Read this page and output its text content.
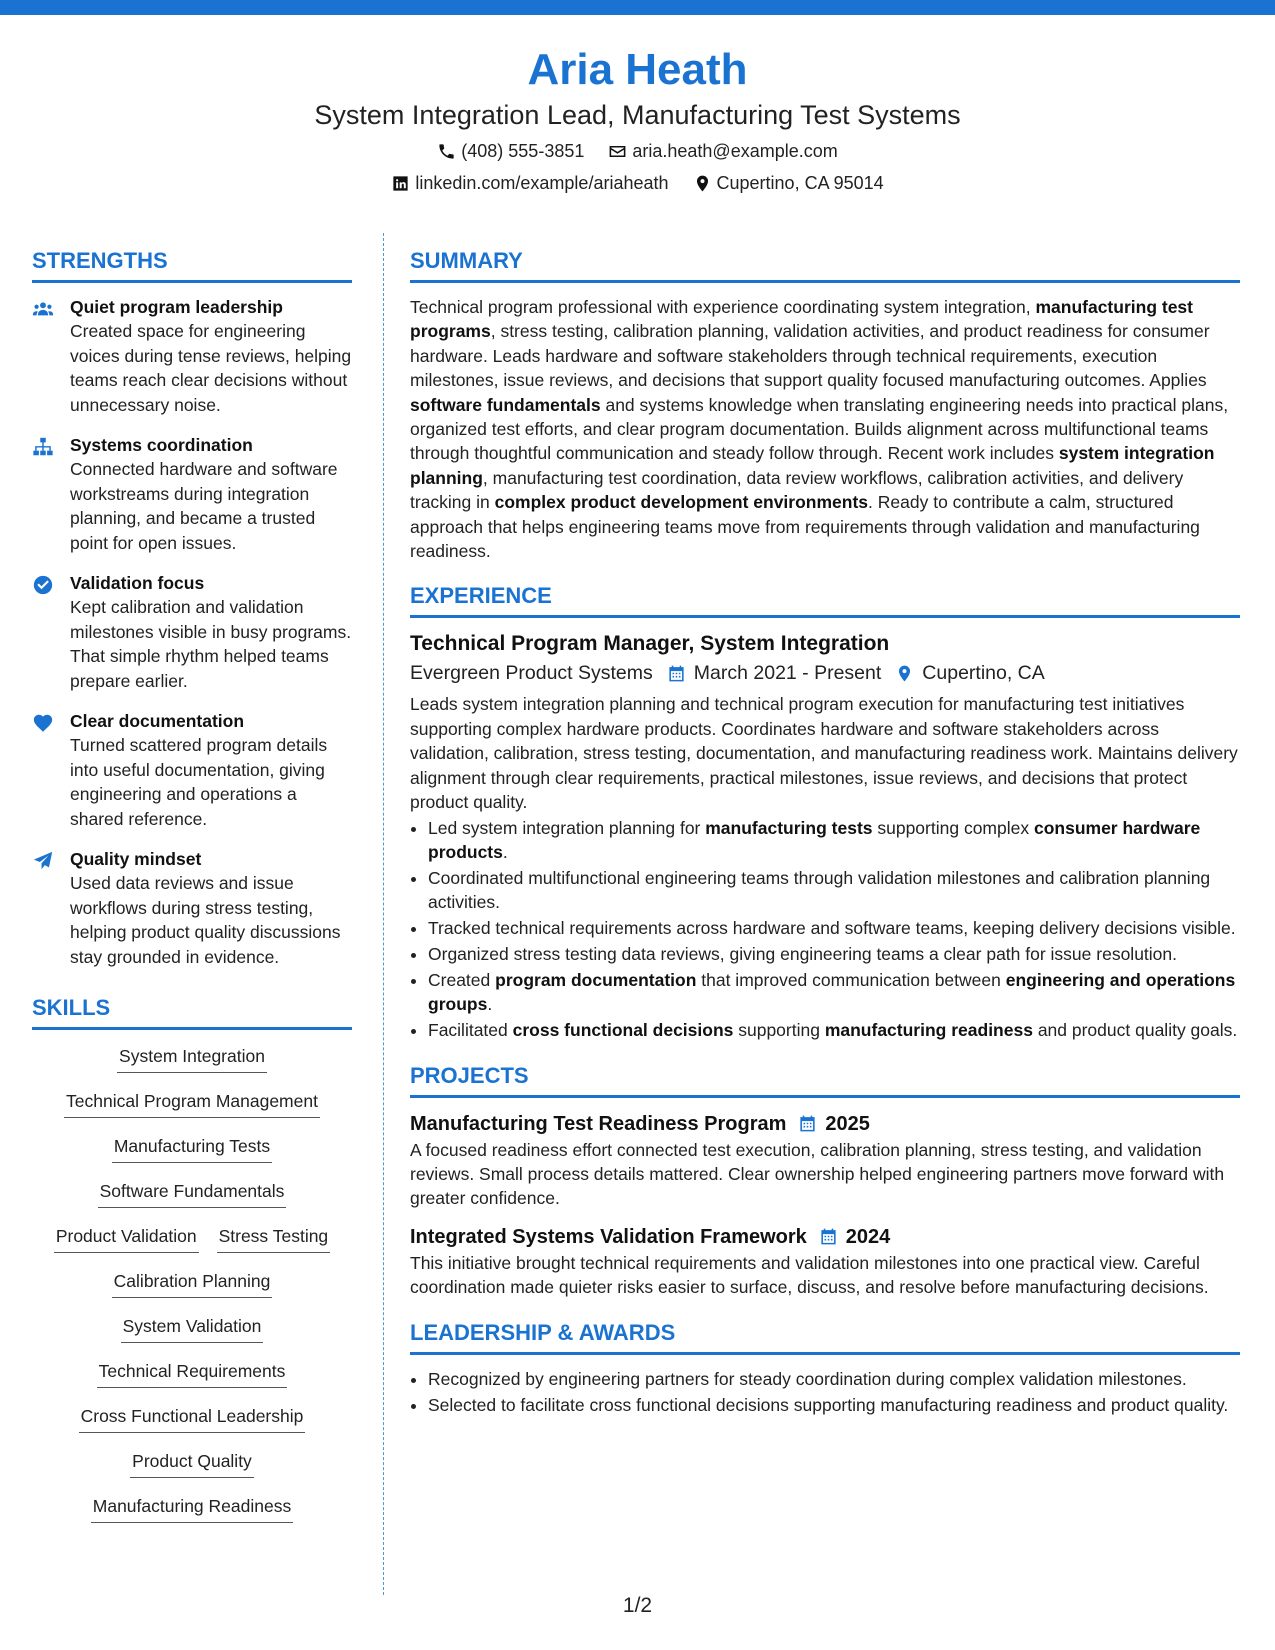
Aria Heath
System Integration Lead, Manufacturing Test Systems
(408) 555-3851	aria.heath@example.com
linkedin.com/example/ariaheath	Cupertino, CA 95014
STRENGTHS
Quiet program leadership
Created space for engineering voices during tense reviews, helping teams reach clear decisions without unnecessary noise.
Systems coordination
Connected hardware and software workstreams during integration planning, and became a trusted point for open issues.
Validation focus
Kept calibration and validation milestones visible in busy programs. That simple rhythm helped teams prepare earlier.
Clear documentation
Turned scattered program details into useful documentation, giving engineering and operations a shared reference.
Quality mindset
Used data reviews and issue workflows during stress testing, helping product quality discussions stay grounded in evidence.
SKILLS
System Integration
Technical Program Management
Manufacturing Tests
Software Fundamentals
Product Validation Stress Testing
Calibration Planning
System Validation
Technical Requirements
Cross Functional Leadership
Product Quality
Manufacturing Readiness
SUMMARY

Technical program professional with experience coordinating system integration, manufacturing test programs, stress testing, calibration planning, validation activities, and product readiness for consumer hardware. Leads hardware and software stakeholders through technical requirements, execution milestones, issue reviews, and decisions that support quality focused manufacturing outcomes. Applies software fundamentals and systems knowledge when translating engineering needs into practical plans, organized test efforts, and clear program documentation. Builds alignment across multifunctional teams through thoughtful communication and steady follow through. Recent work includes system integration planning, manufacturing test coordination, data review workflows, calibration activities, and delivery tracking in complex product development environments. Ready to contribute a calm, structured approach that helps engineering teams move from requirements through validation and manufacturing readiness.

EXPERIENCE
Technical Program Manager, System Integration
Evergreen Product Systems March 2021 - Present Cupertino, CA

Leads system integration planning and technical program execution for manufacturing test initiatives supporting complex hardware products. Coordinates hardware and software stakeholders across validation, calibration, stress testing, documentation, and manufacturing readiness work. Maintains delivery alignment through clear requirements, practical milestones, issue reviews, and decisions that protect product quality.

• Led system integration planning for manufacturing tests supporting complex consumer hardware products.
• Coordinated multifunctional engineering teams through validation milestones and calibration planning activities.
• Tracked technical requirements across hardware and software teams, keeping delivery decisions visible.
• Organized stress testing data reviews, giving engineering teams a clear path for issue resolution.
• Created program documentation that improved communication between engineering and operations groups.
• Facilitated cross functional decisions supporting manufacturing readiness and product quality goals.
PROJECTS
Manufacturing Test Readiness Program 2025

A focused readiness effort connected test execution, calibration planning, stress testing, and validation reviews. Small process details mattered. Clear ownership helped engineering partners move forward with greater confidence.

Integrated Systems Validation Framework 2024

This initiative brought technical requirements and validation milestones into one practical view. Careful coordination made quieter risks easier to surface, discuss, and resolve before manufacturing decisions.

LEADERSHIP & AWARDS
• Recognized by engineering partners for steady coordination during complex validation milestones.
• Selected to facilitate cross functional decisions supporting manufacturing readiness and product quality.
1/2
